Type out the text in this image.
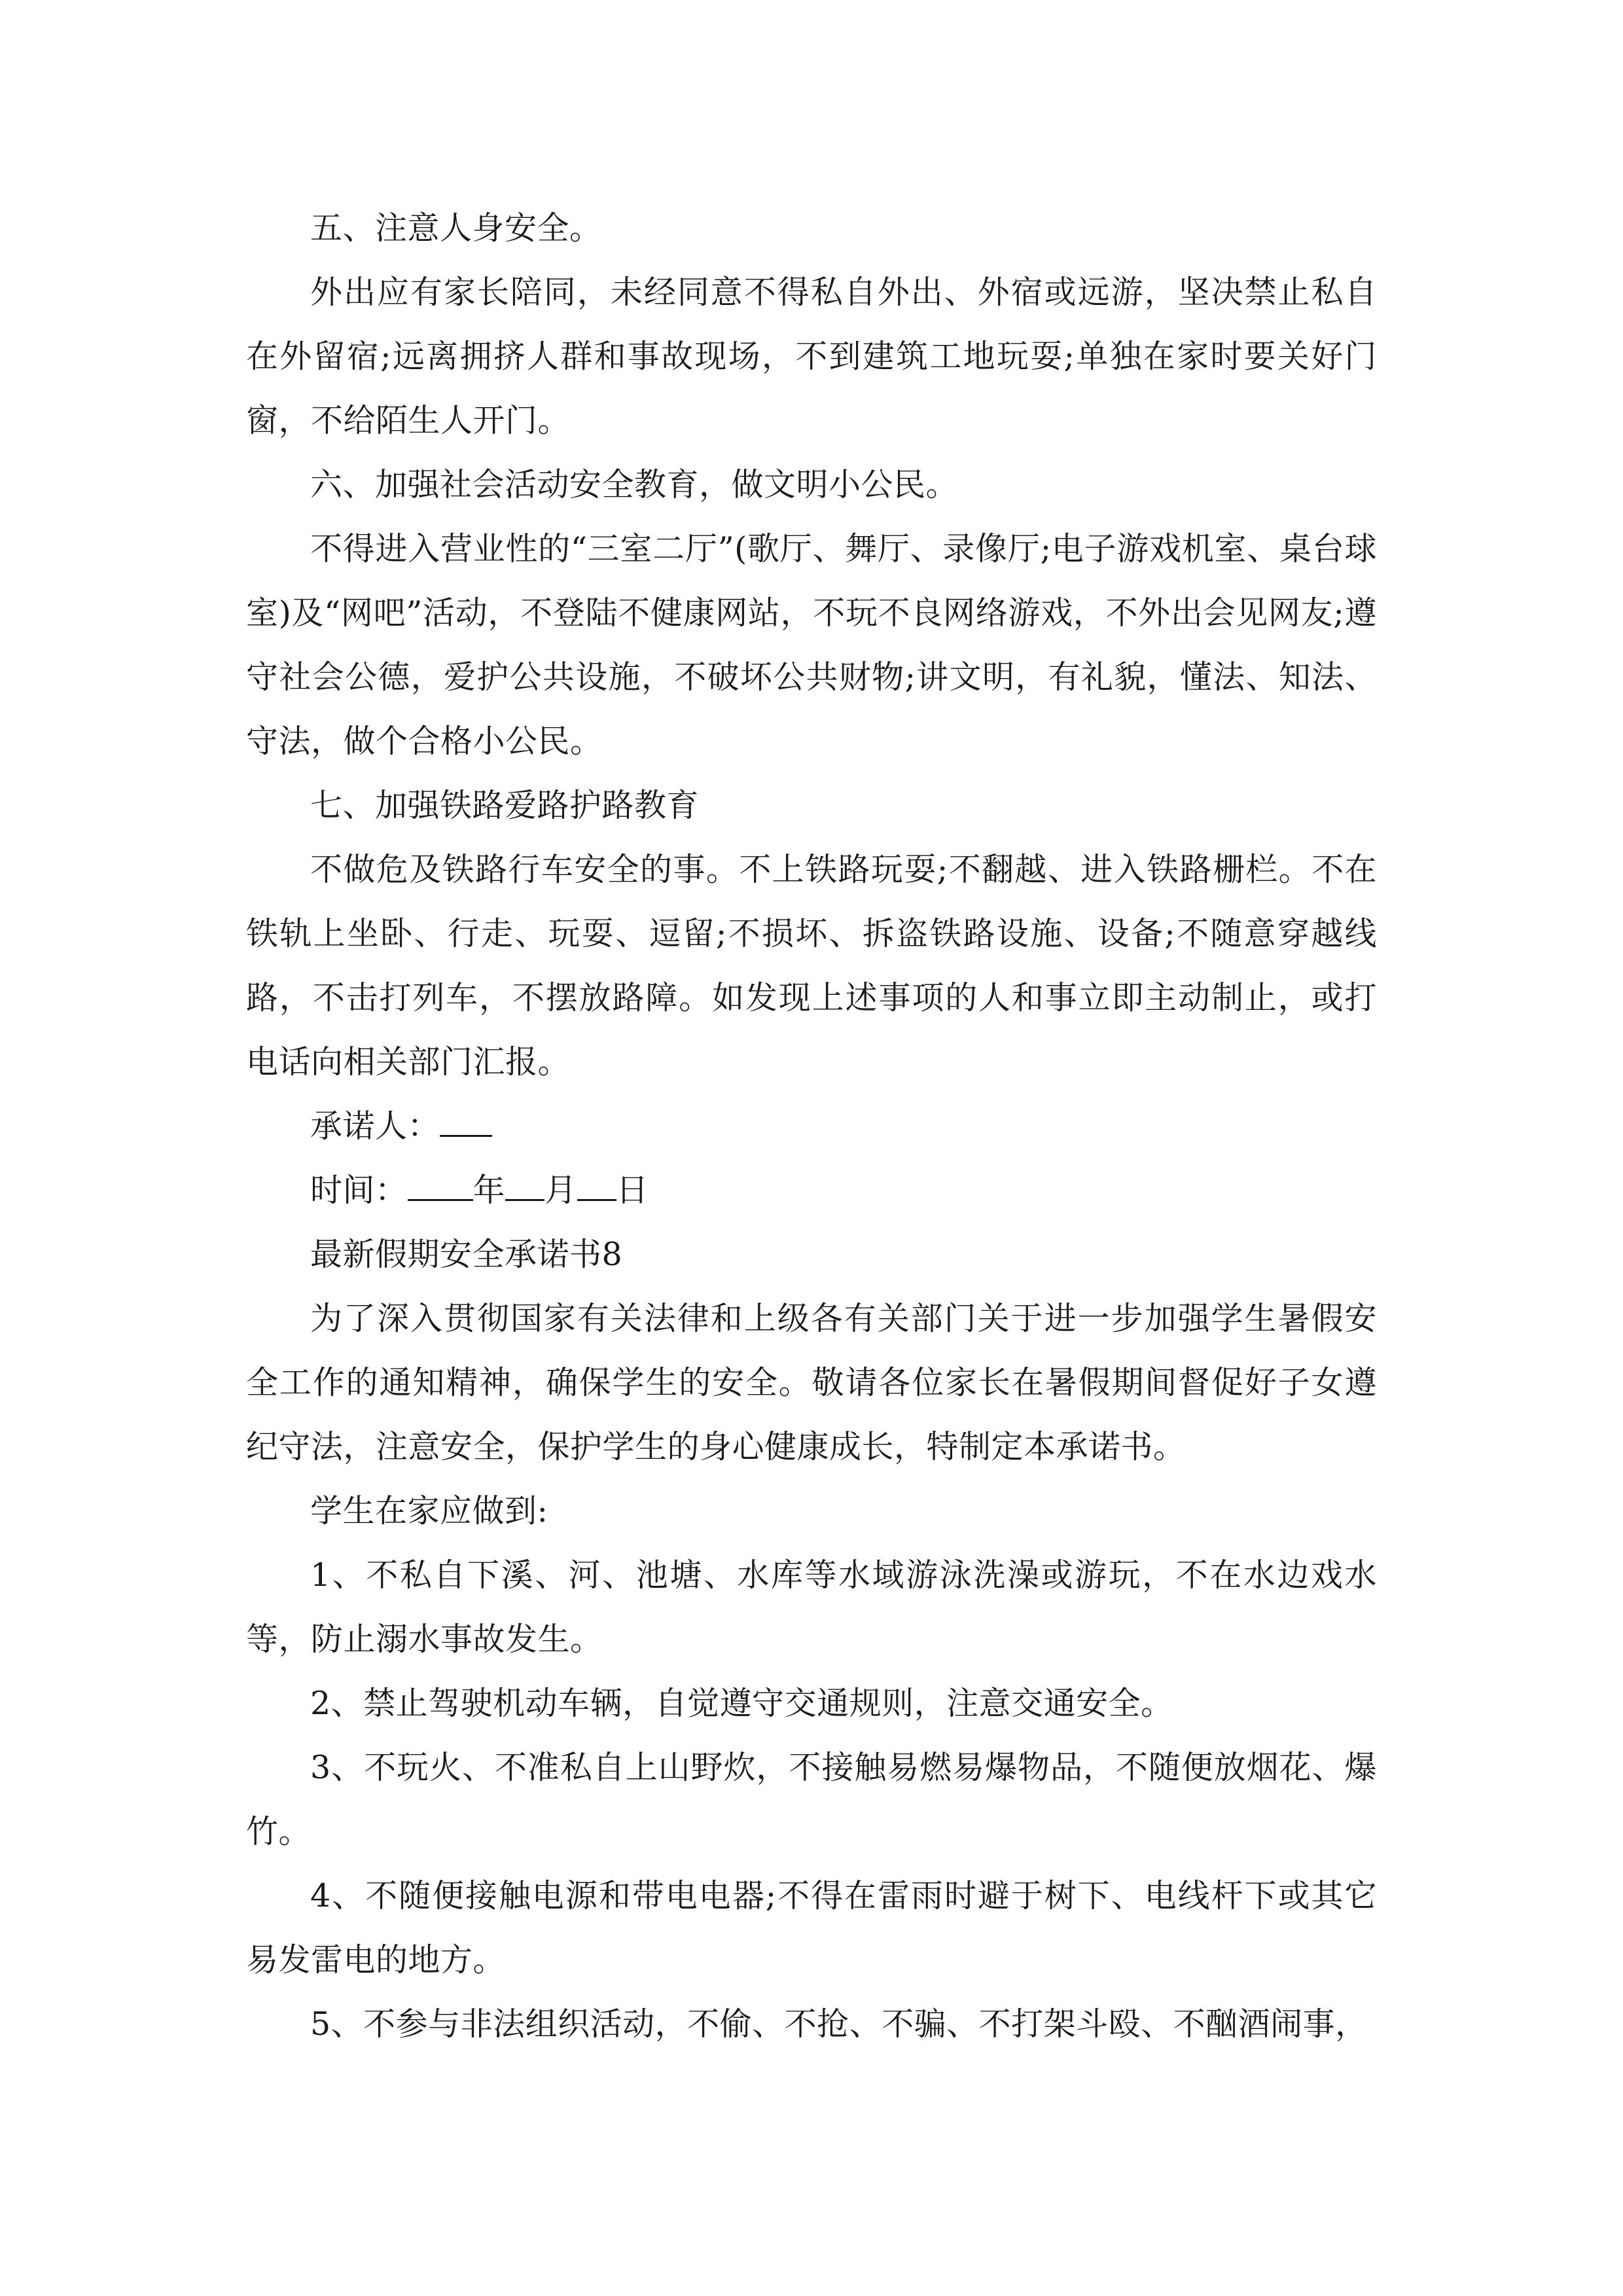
五、注意人身安全。

外出应有家长陪同，未经同意不得私自外出、外宿或远游，坚决禁止私自在外留宿;远离拥挤人群和事故现场，不到建筑工地玩耍;单独在家时要关好门窗，不给陌生人开门。

六、加强社会活动安全教育，做文明小公民。

不得进入营业性的“三室二厅”(歌厅、舞厅、录像厅;电子游戏机室、桌台球室)及“网吧”活动，不登陆不健康网站，不玩不良网络游戏，不外出会见网友;遵守社会公德，爱护公共设施，不破坏公共财物;讲文明，有礼貌，懂法、知法、守法，做个合格小公民。

七、加强铁路爱路护路教育

不做危及铁路行车安全的事。不上铁路玩耍;不翻越、进入铁路栅栏。不在铁轨上坐卧、行走、玩耍、逗留;不损坏、拆盗铁路设施、设备;不随意穿越线路，不击打列车，不摆放路障。如发现上述事项的人和事立即主动制止，或打电话向相关部门汇报。

承诺人：

时间： 年 月 日

最新假期安全承诺书8

为了深入贯彻国家有关法律和上级各有关部门关于进一步加强学生暑假安全工作的通知精神，确保学生的安全。敬请各位家长在暑假期间督促好子女遵纪守法，注意安全，保护学生的身心健康成长，特制定本承诺书。

学生在家应做到:

1、不私自下溪、河、池塘、水库等水域游泳洗澡或游玩，不在水边戏水等，防止溺水事故发生。

2、禁止驾驶机动车辆，自觉遵守交通规则，注意交通安全。

3、不玩火、不准私自上山野炊，不接触易燃易爆物品，不随便放烟花、爆竹。

4、不随便接触电源和带电电器;不得在雷雨时避于树下、电线杆下或其它易发雷电的地方。

5、不参与非法组织活动，不偷、不抢、不骗、不打架斗殴、不酗酒闹事，
